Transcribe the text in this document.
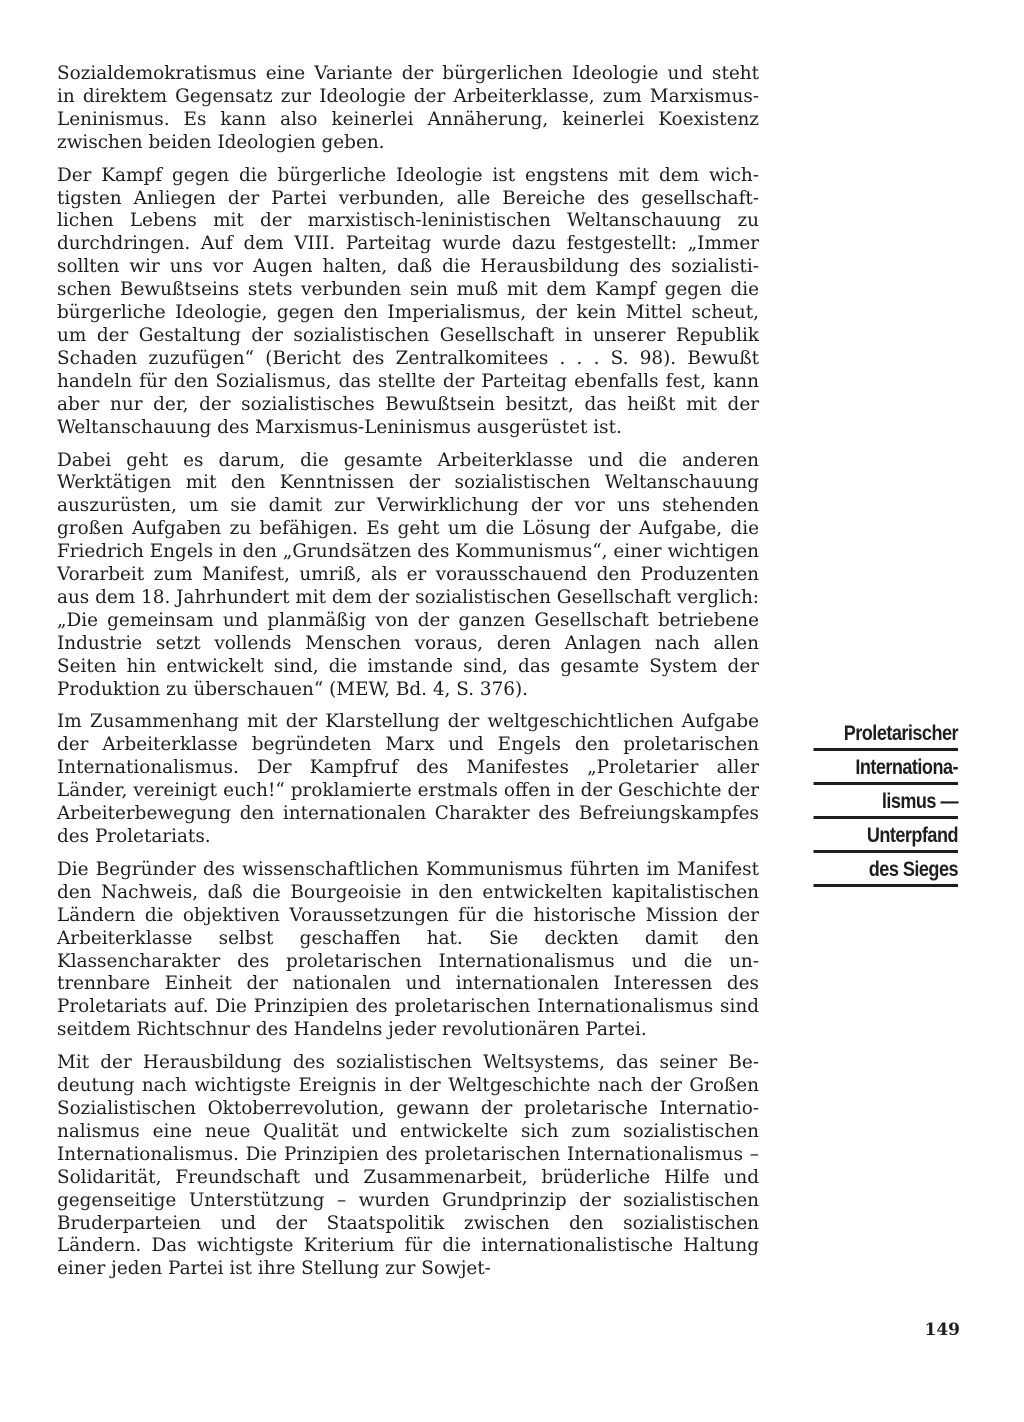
Sozialdemokratismus eine Variante der bürgerlichen Ideologie und steht in direktem Gegensatz zur Ideologie der Arbeiterklasse, zum Marxismus-Leninismus. Es kann also keinerlei Annäherung, keinerlei Koexistenz zwischen beiden Ideologien geben.

Der Kampf gegen die bürgerliche Ideologie ist engstens mit dem wichtigsten Anliegen der Partei verbunden, alle Bereiche des gesellschaftlichen Lebens mit der marxistisch-leninistischen Weltanschauung zu durchdringen. Auf dem VIII. Parteitag wurde dazu festgestellt: „Immer sollten wir uns vor Augen halten, daß die Herausbildung des sozialistischen Bewußtseins stets verbunden sein muß mit dem Kampf gegen die bürgerliche Ideologie, gegen den Imperialismus, der kein Mittel scheut, um der Gestaltung der sozialistischen Gesellschaft in unserer Republik Schaden zuzufügen“ (Bericht des Zentralkomitees . . . S. 98). Bewußt handeln für den Sozialismus, das stellte der Parteitag ebenfalls fest, kann aber nur der, der sozialistisches Bewußtsein besitzt, das heißt mit der Weltanschauung des Marxismus-Leninismus ausgerüstet ist.

Dabei geht es darum, die gesamte Arbeiterklasse und die anderen Werktätigen mit den Kenntnissen der sozialistischen Weltanschauung auszurüsten, um sie damit zur Verwirklichung der vor uns stehenden großen Aufgaben zu befähigen. Es geht um die Lösung der Aufgabe, die Friedrich Engels in den „Grundsätzen des Kommunismus“, einer wichtigen Vorarbeit zum Manifest, umriß, als er vorausschauend den Produzenten aus dem 18. Jahrhundert mit dem der sozialistischen Gesellschaft verglich: „Die gemeinsam und planmäßig von der ganzen Gesellschaft betriebene Industrie setzt vollends Menschen voraus, deren Anlagen nach allen Seiten hin entwickelt sind, die imstande sind, das gesamte System der Produktion zu überschauen“ (MEW, Bd. 4, S. 376).

Im Zusammenhang mit der Klarstellung der weltgeschichtlichen Aufgabe der Arbeiterklasse begründeten Marx und Engels den proletarischen Internationalismus. Der Kampfruf des Manifestes „Proletarier aller Länder, vereinigt euch!“ proklamierte erstmals offen in der Geschichte der Arbeiterbewegung den internationalen Charakter des Befreiungskampfes des Proletariats.

Die Begründer des wissenschaftlichen Kommunismus führten im Manifest den Nachweis, daß die Bourgeoisie in den entwickelten kapitalistischen Ländern die objektiven Voraussetzungen für die historische Mission der Arbeiterklasse selbst geschaffen hat. Sie deckten damit den Klassencharakter des proletarischen Internationalismus und die untrennbare Einheit der nationalen und internationalen Interessen des Proletariats auf. Die Prinzipien des proletarischen Internationalismus sind seitdem Richtschnur des Handelns jeder revolutionären Partei.

Mit der Herausbildung des sozialistischen Weltsystems, das seiner Bedeutung nach wichtigste Ereignis in der Weltgeschichte nach der Großen Sozialistischen Oktoberrevolution, gewann der proletarische Internationalismus eine neue Qualität und entwickelte sich zum sozialistischen Internationalismus. Die Prinzipien des proletarischen Internationalismus – Solidarität, Freundschaft und Zusammenarbeit, brüderliche Hilfe und gegenseitige Unterstützung – wurden Grundprinzip der sozialistischen Bruderparteien und der Staatspolitik zwischen den sozialistischen Ländern. Das wichtigste Kriterium für die internationalistische Haltung einer jeden Partei ist ihre Stellung zur Sowjet-

Proletarischer
Internationa-
lismus —
Unterpfand
des Sieges
149
